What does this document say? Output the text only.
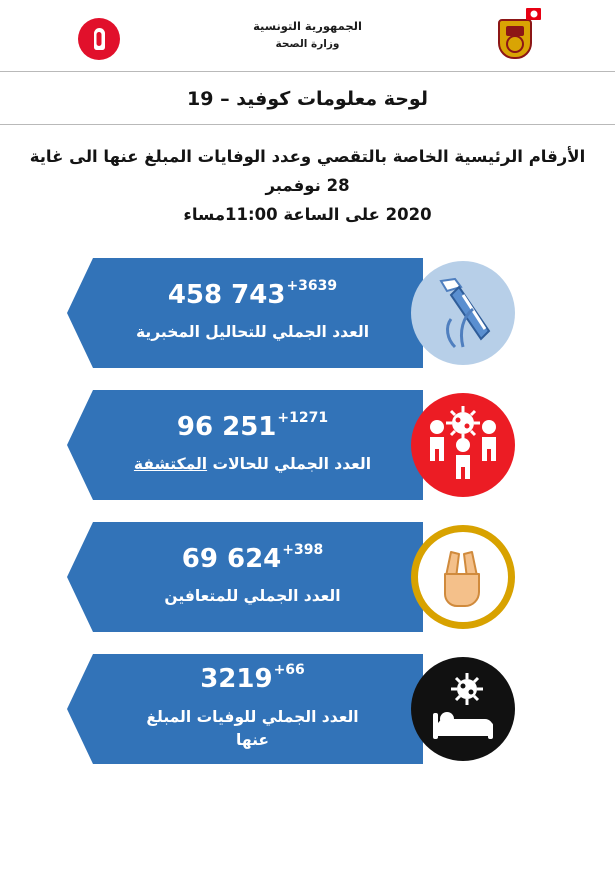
الجمهورية التونسية
وزارة الصحة
لوحة معلومات كوفيد – 19
الأرقام الرئيسية الخاصة بالتقصي وعدد الوفايات المبلغ عنها الى غاية 28 نوفمبر
2020 على الساعة 11:00مساء
458 743 +3639
العدد الجملي للتحاليل المخبرية
96 251 +1271
العدد الجملي للحالات المكتشفة
69 624 +398
العدد الجملي للمتعافين
3219 +66
العدد الجملي للوفيات المبلغ
عنها
